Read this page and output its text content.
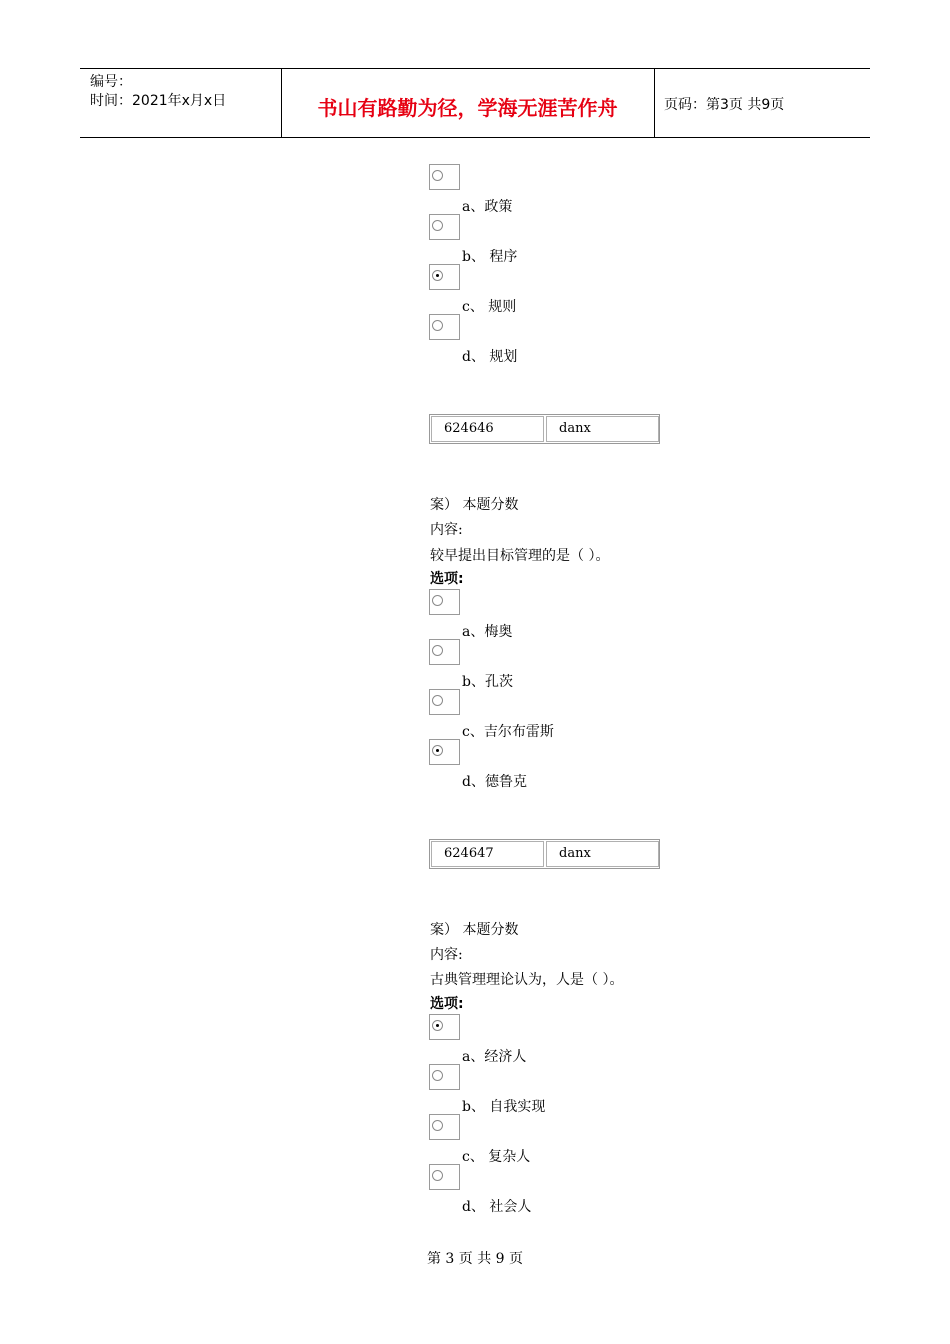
编号：
时间：2021年x月x日	书山有路勤为径，学海无涯苦作舟	页码：第3页 共9页
a、政策
b、 程序
c、 规则
d、 规划
624646	danx
案） 本题分数
内容:
较早提出目标管理的是（ ）。
选项:
a、梅奥
b、孔茨
c、吉尔布雷斯
d、德鲁克
624647	danx
案） 本题分数
内容:
古典管理理论认为，人是（ ）。
选项:
a、经济人
b、 自我实现
c、 复杂人
d、 社会人
第 3 页 共 9 页
